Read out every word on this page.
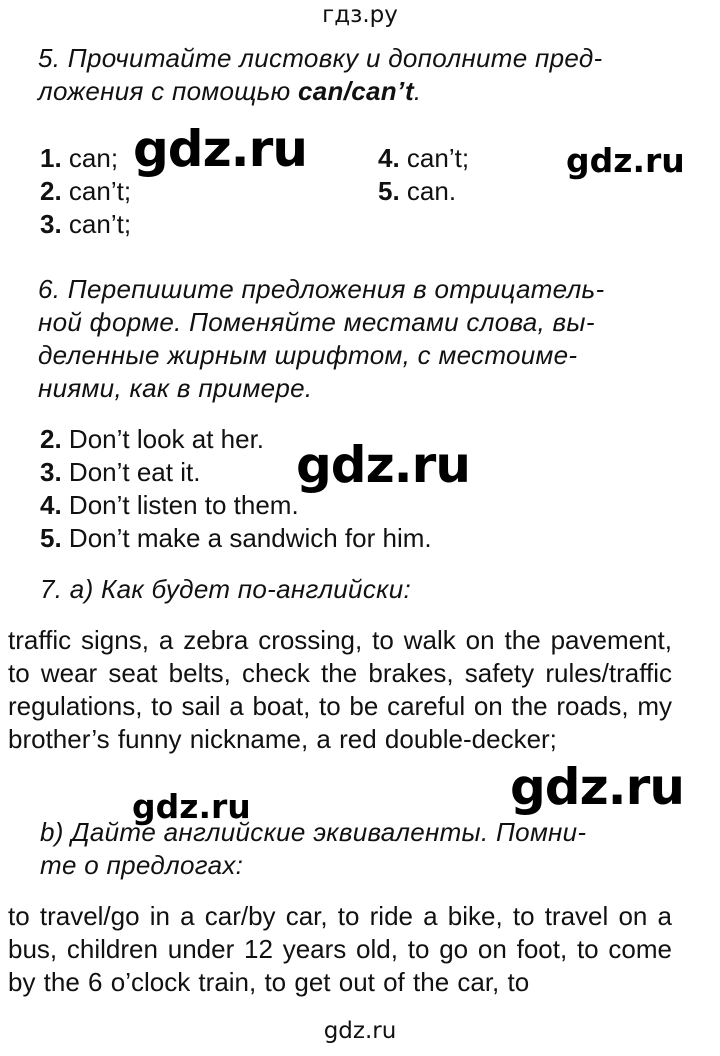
гдз.ру
5. Прочитайте листовку и дополните пред-
ложения с помощью can/can’t.
1. can;
2. can’t;
3. can’t;
4. can’t;
5. can.
6. Перепишите предложения в отрицатель-
ной форме. Поменяйте местами слова, вы-
деленные жирным шрифтом, с местоиме-
ниями, как в примере.
2. Don’t look at her.
3. Don’t eat it.
4. Don’t listen to them.
5. Don’t make a sandwich for him.
7. a) Как будет по-английски:
traffic signs, a zebra crossing, to walk on the pavement, to wear seat belts, check the brakes, safety rules/traffic regulations, to sail a boat, to be careful on the roads, my brother’s funny nickname, a red double-decker;
b) Дайте английские эквиваленты. Помни-
те о предлогах:
to travel/go in a car/by car, to ride a bike, to travel on a bus, children under 12 years old, to go on foot, to come by the 6 o’clock train, to get out of the car, to
gdz.ru	gdz.ru
gdz.ru
gdz.ru	gdz.ru
gdz.ru
